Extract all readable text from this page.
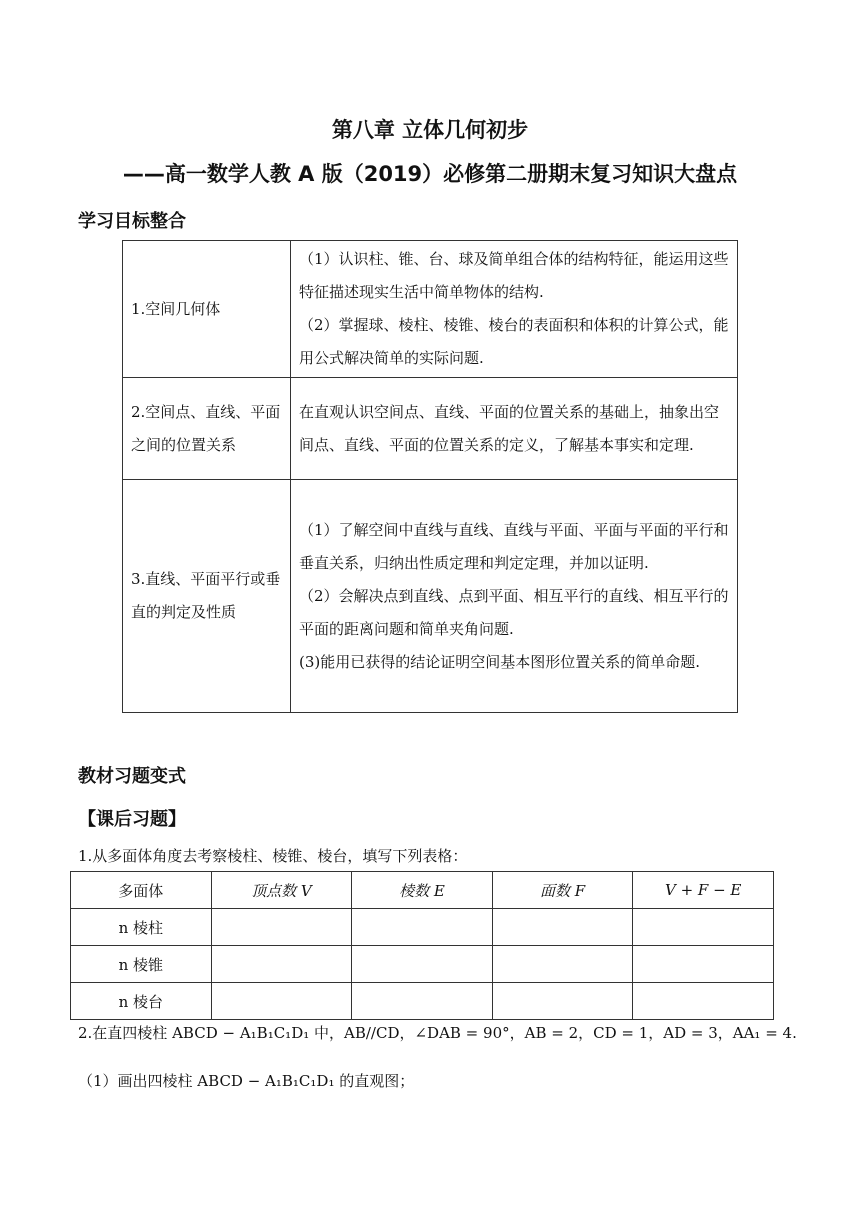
第八章 立体几何初步
——高一数学人教 A 版（2019）必修第二册期末复习知识大盘点
学习目标整合
1.空间几何体	（1）认识柱、锥、台、球及简单组合体的结构特征，能运用这些特征描述现实生活中简单物体的结构.

（2）掌握球、棱柱、棱锥、棱台的表面积和体积的计算公式，能用公式解决简单的实际问题.

2.空间点、直线、平面之间的位置关系	在直观认识空间点、直线、平面的位置关系的基础上，抽象出空间点、直线、平面的位置关系的定义，了解基本事实和定理.

3.直线、平面平行或垂直的判定及性质	（1）了解空间中直线与直线、直线与平面、平面与平面的平行和垂直关系，归纳出性质定理和判定定理，并加以证明.

（2）会解决点到直线、点到平面、相互平行的直线、相互平行的平面的距离问题和简单夹角问题.

(3)能用已获得的结论证明空间基本图形位置关系的简单命题.

教材习题变式
【课后习题】
1.从多面体角度去考察棱柱、棱锥、棱台，填写下列表格：
多面体	顶点数 V	棱数 E	面数 F	V + F − E
n 棱柱				
n 棱锥				
n 棱台				
2.在直四棱柱 ABCD − A₁B₁C₁D₁ 中，AB//CD，∠DAB = 90°，AB = 2，CD = 1，AD = 3，AA₁ = 4.
（1）画出四棱柱 ABCD − A₁B₁C₁D₁ 的直观图；
